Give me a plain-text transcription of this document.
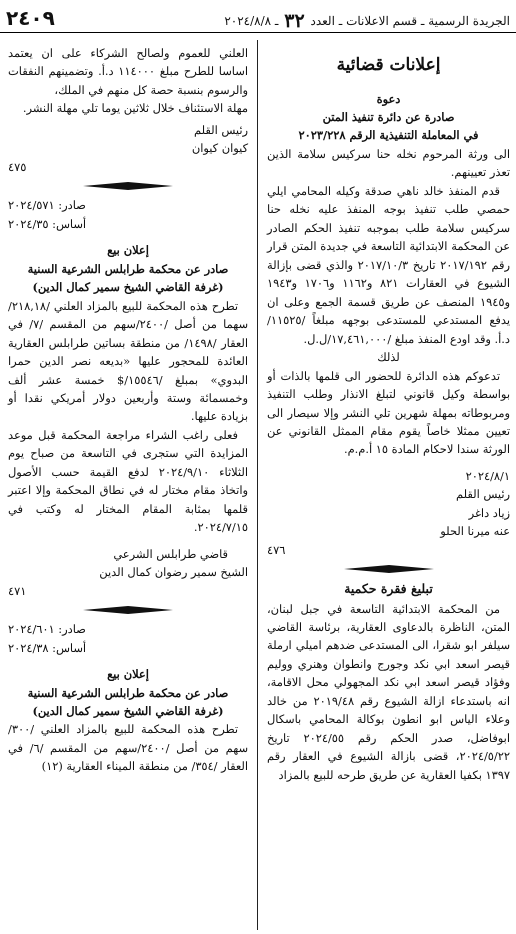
الجريدة الرسمية ـ قسم الاعلانات ـ العدد ٣٢ ـ ٢٠٢٤/٨/٨
٢٤٠٩
إعلانات قضائية

دعوة

صادرة عن دائرة تنفيذ المتن

في المعاملة التنفيذية الرقم ٢٠٢٣/٢٢٨

الى ورثة المرحوم نخله حنا سركيس سلامة الذين تعذر تعيينهم.

قدم المنفذ خالد ناهي صدقة وكيله المحامي ايلي حمصي طلب تنفيذ بوجه المنفذ عليه نخله حنا سركيس سلامة طلب بموجبه تنفيذ الحكم الصادر عن المحكمة الابتدائية التاسعة في جديدة المتن قرار رقم ٢٠١٧/١٩٢ تاريخ ٢٠١٧/١٠/٣ والذي قضى بإزالة الشيوع في العقارات ٨٢١ و١١٦٢ و١٧٠٦ و١٩٤٣ و١٩٤٥ المنصف عن طريق قسمة الجمع وعلى ان يدفع المستدعي للمستدعى بوجهه مبلغاً /١١٥٢٥/ د.أ. وقد اودع المنفذ مبلغ /١٧,٤٦١,٠٠٠/ل.ل.

لذلك

تدعوكم هذه الدائرة للحضور الى قلمها بالذات أو بواسطة وكيل قانوني لتبلغ الانذار وطلب التنفيذ ومربوطاته بمهلة شهرين تلي النشر وإلا سيصار الى تعيين ممثلا خاصاً يقوم مقام الممثل القانوني عن الورثة سندا لاحكام المادة ١٥ أ.م.م.

٢٠٢٤/٨/١

رئيس القلم

زياد داغر

عنه ميرنا الحلو

٤٧٦

تبليغ فقرة حكمية

من المحكمة الابتدائية التاسعة في جبل لبنان، المتن، الناظرة بالدعاوى العقارية، برئاسة القاضي سيلفر ابو شقرا، الى المستدعى ضدهم اميلي ارملة قيصر اسعد ابي نكد وجورج وانطوان وهنري ووليم وفؤاد قيصر اسعد ابي نكد المجهولي محل الاقامة، انه باستدعاء ازالة الشيوع رقم ٢٠١٩/٤٨ من خالد وعلاء الياس ابو انطون بوكالة المحامي باسكال ابوفاضل، صدر الحكم رقم ٢٠٢٤/٥٥ تاريخ ٢٠٢٤/٥/٢٢، قضى بازالة الشيوع في العقار رقم ١٣٩٧ بكفيا العقارية عن طريق طرحه للبيع بالمزاد

العلني للعموم ولصالح الشركاء على ان يعتمد اساسا للطرح مبلغ ١١٤٠٠٠ د.أ. وتضمينهم النفقات والرسوم بنسبة حصة كل منهم في الملك،

مهلة الاستئناف خلال ثلاثين يوما تلي مهلة النشر.

رئيس القلم

كيوان كيوان

٤٧٥

صادر: ٢٠٢٤/٥٧١

أساس: ٢٠٢٤/٣٥

إعلان بيع

صادر عن محكمة طرابلس الشرعية السنية

(غرفة القاضي الشيخ سمير كمال الدين)

تطرح هذه المحكمة للبيع بالمزاد العلني /٢١٨,١٨/ سهما من أصل /٢٤٠٠/سهم من المقسم /٧/ في العقار /١٤٩٨/ من منطقة بساتين طرابلس العقارية العائدة للمحجور عليها «بديعه نصر الدين حمرا البدوي» بمبلغ /١٥٥٤٦/$ خمسة عشر ألف وخمسمائة وستة وأربعين دولار أمريكي نقدا أو بزيادة عليها.

فعلى راغب الشراء مراجعة المحكمة قبل موعد المزايدة التي ستجرى في التاسعة من صباح يوم الثلاثاء ٢٠٢٤/٩/١٠ لدفع القيمة حسب الأصول واتخاذ مقام مختار له في نطاق المحكمة وإلا اعتبر قلمها بمثابة المقام المختار له وكتب في ٢٠٢٤/٧/١٥.

قاضي طرابلس الشرعي

الشيخ سمير رضوان كمال الدين

٤٧١

صادر: ٢٠٢٤/٦٠١

أساس: ٢٠٢٤/٣٨

إعلان بيع

صادر عن محكمة طرابلس الشرعية السنية

(غرفة القاضي الشيخ سمير كمال الدين)

تطرح هذه المحكمة للبيع بالمزاد العلني /٣٠٠/ سهم من أصل /٢٤٠٠/سهم من المقسم /٦/ في العقار /٣٥٤/ من منطقة الميناء العقارية (١٢)
